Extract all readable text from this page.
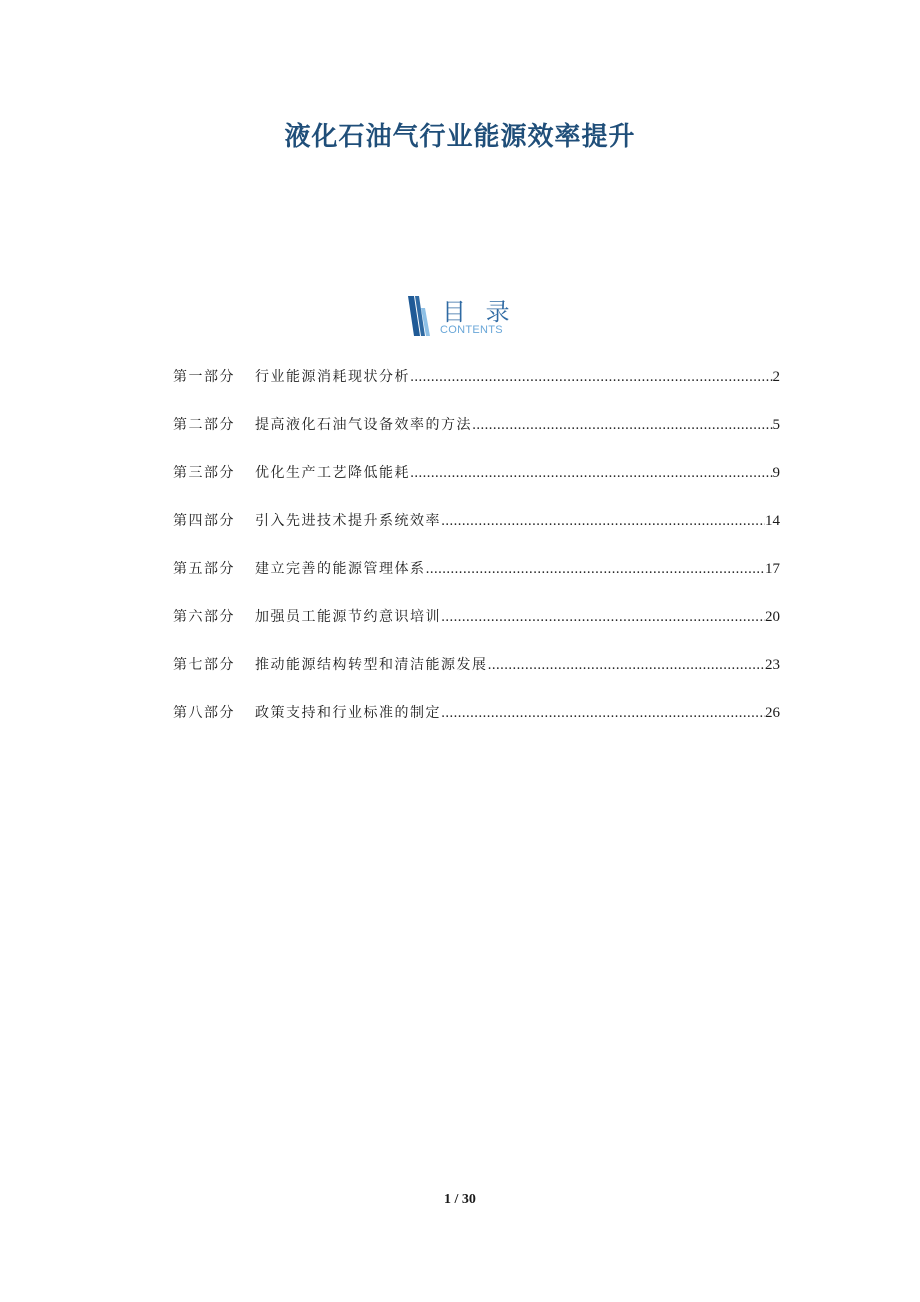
液化石油气行业能源效率提升
目 录
CONTENTS
第一部分	行业能源消耗现状分析 .....	2
第二部分	提高液化石油气设备效率的方法 .....	5
第三部分	优化生产工艺降低能耗 .....	9
第四部分	引入先进技术提升系统效率 .....	14
第五部分	建立完善的能源管理体系 .....	17
第六部分	加强员工能源节约意识培训 .....	20
第七部分	推动能源结构转型和清洁能源发展 .....	23
第八部分	政策支持和行业标准的制定 .....	26
1 / 30
